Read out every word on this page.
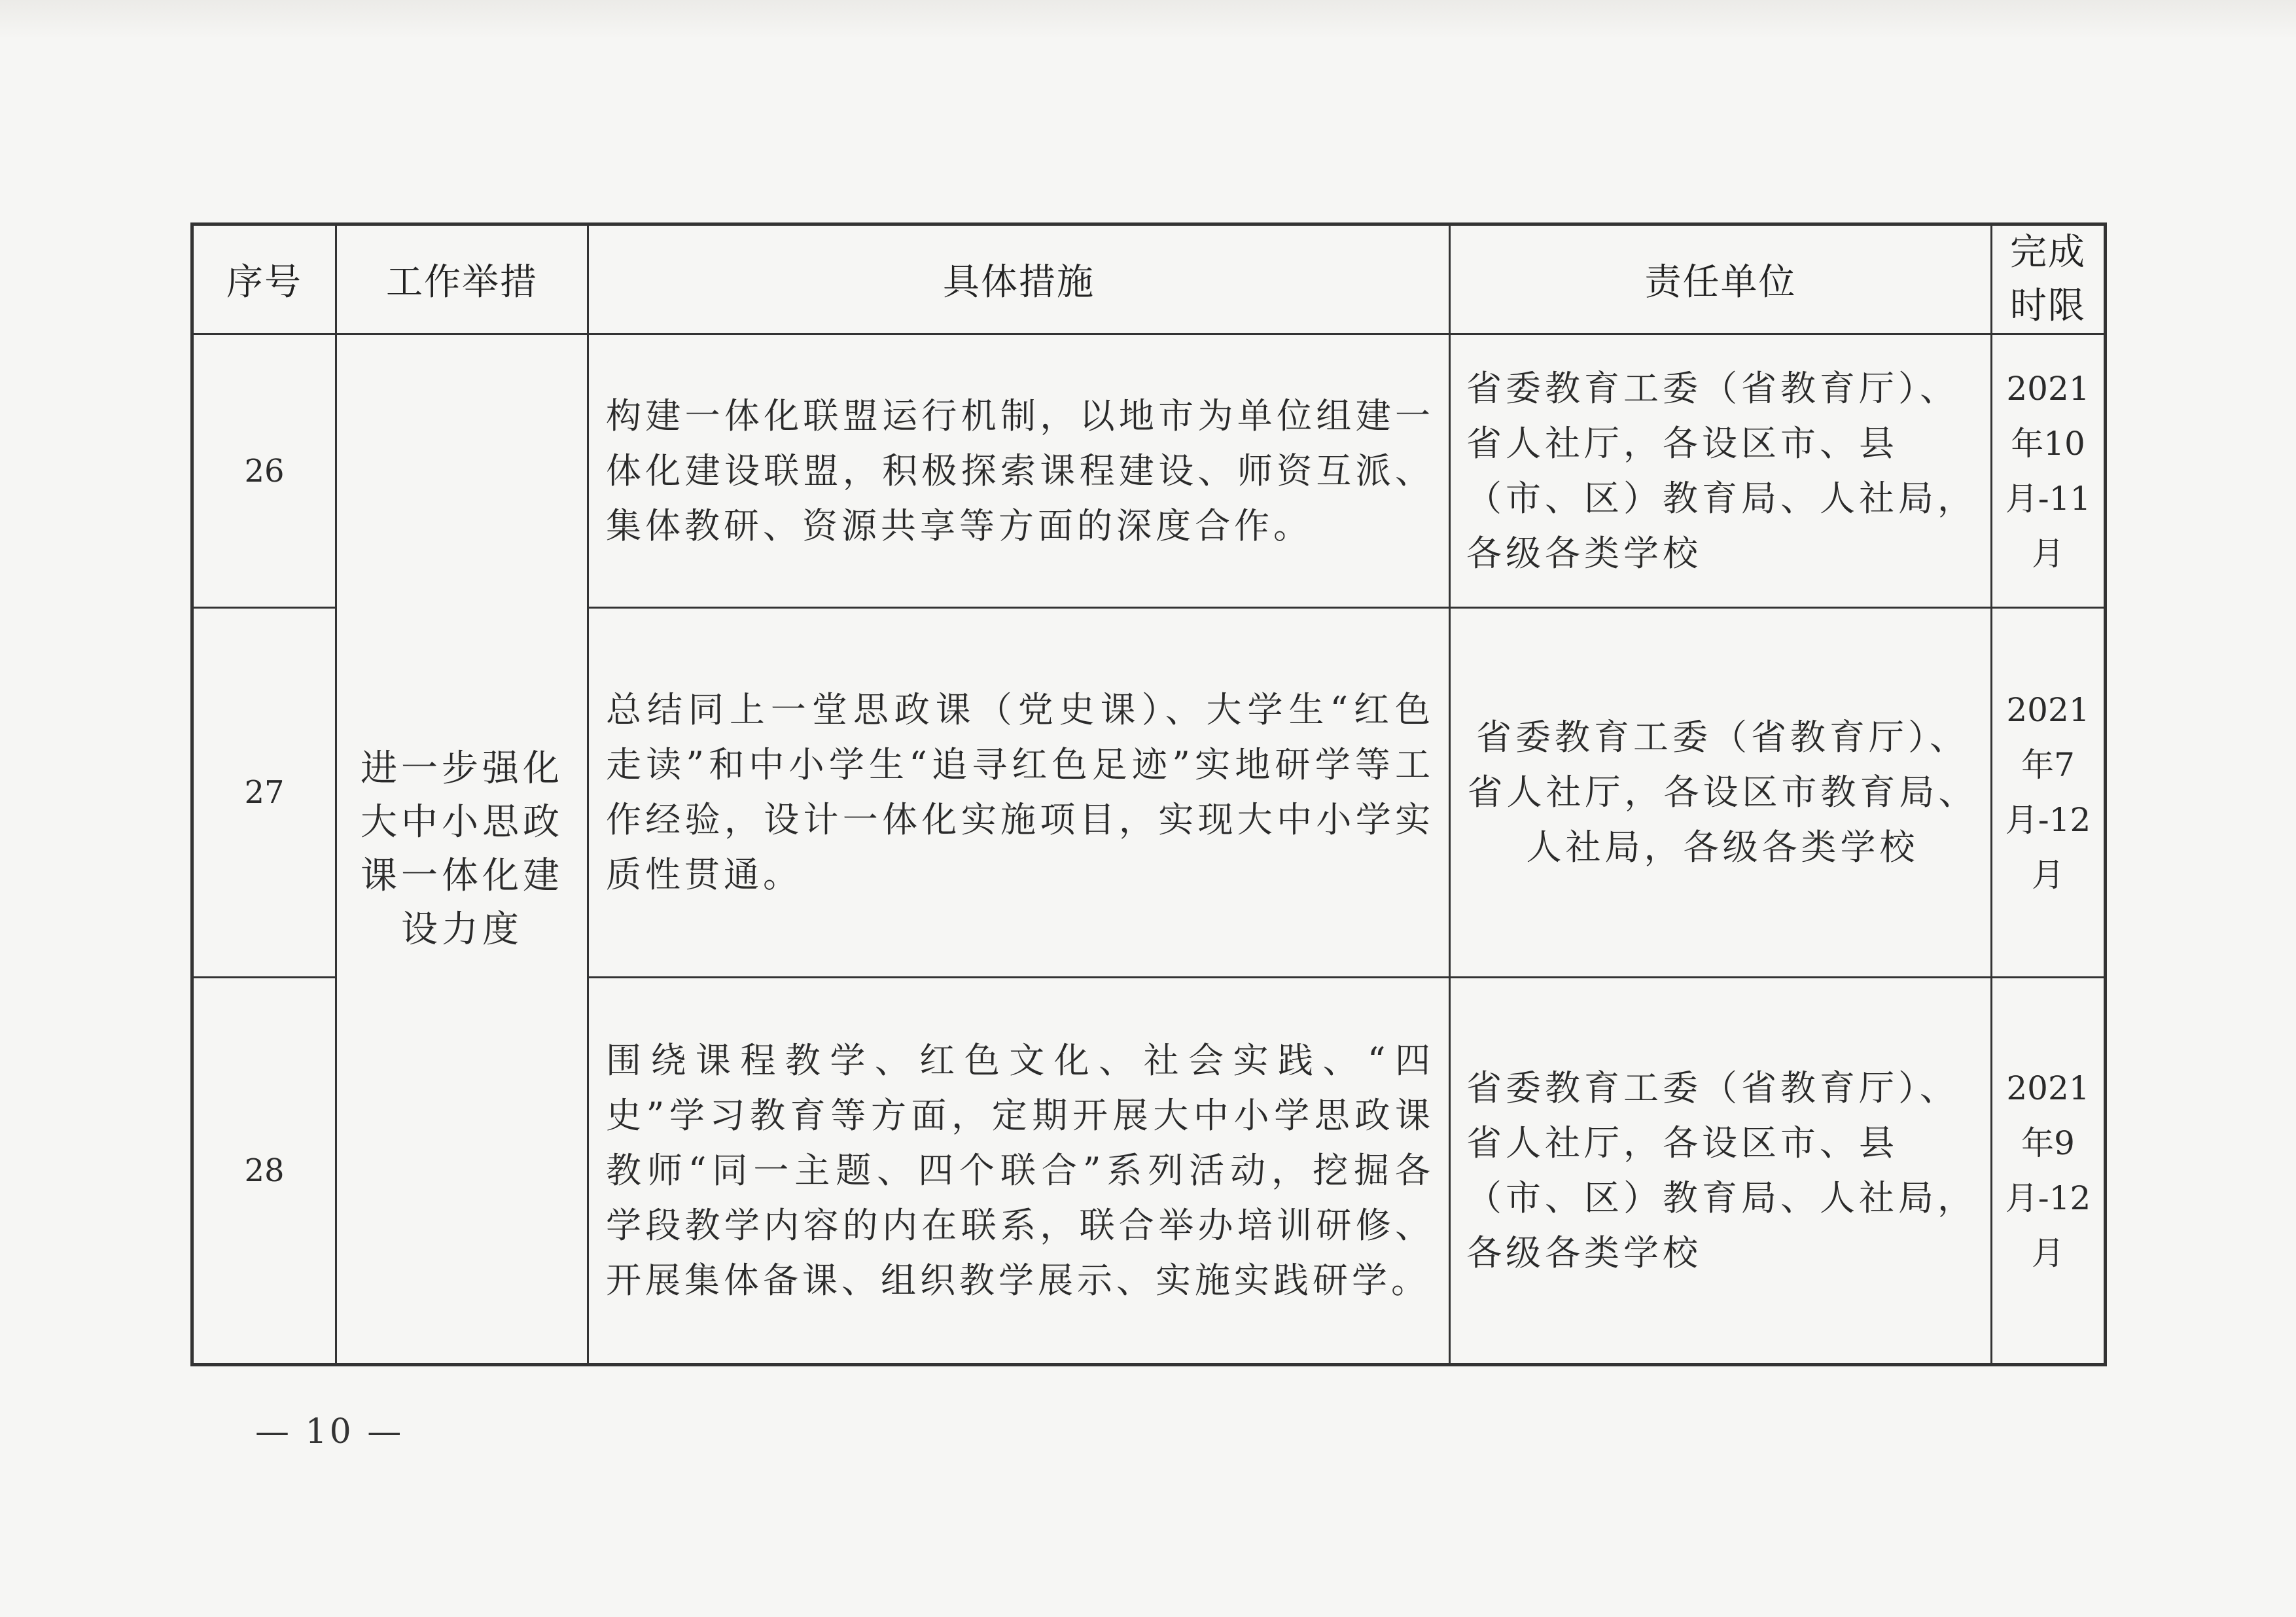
序号	工作举措	具体措施	责任单位	完成时限
26	进一步强化大中小思政课一体化建设力度	构建一体化联盟运行机制，以地市为单位组建一体化建设联盟，积极探索课程建设、师资互派、集体教研、资源共享等方面的深度合作。	省委教育工委（省教育厅）、省人社厅，各设区市、县（市、区）教育局、人社局，各级各类学校	2021年10月-11月
27		总结同上一堂思政课（党史课）、大学生“红色走读”和中小学生“追寻红色足迹”实地研学等工作经验，设计一体化实施项目，实现大中小学实质性贯通。	省委教育工委（省教育厅）、省人社厅，各设区市教育局、人社局，各级各类学校	2021年7月-12月
28		围绕课程教学、红色文化、社会实践、“四史”学习教育等方面，定期开展大中小学思政课教师“同一主题、四个联合”系列活动，挖掘各学段教学内容的内在联系，联合举办培训研修、开展集体备课、组织教学展示、实施实践研学。	省委教育工委（省教育厅）、省人社厅，各设区市、县（市、区）教育局、人社局，各级各类学校	2021年9月-12月
— 10 —
